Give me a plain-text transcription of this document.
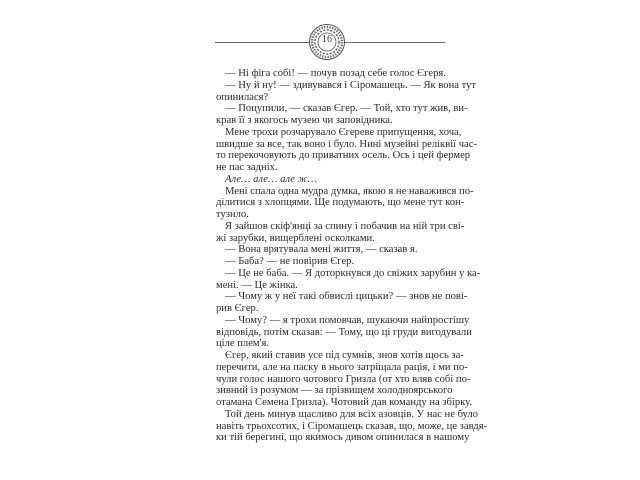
16
— Ні фіга собі! — почув позад себе голос Єгеря.
— Ну й ну! — здивувався і Сіромашець. — Як вона тут
опинилася?
— Поцупили, — сказав Єгер. — Той, хто тут жив, ви-
крав її з якогось музею чи заповідника.
Мене трохи розчарувало Єгереве припущення, хоча,
швидше за все, так воно і було. Нині музейні реліквії час-
то перекочовують до приватних осель. Ось і цей фермер
не пас задніх.
Але… але… але ж…
Мені спала одна мудра думка, якою я не наважився по-
ділитися з хлопцями. Ще подумають, що мене тут кон-
тузило.
Я зайшов скіф'янці за спину і побачив на ній три сві-
жі зарубки, вищерблені осколками.
— Вона врятувала мені життя, — сказав я.
— Баба? — не повірив Єгер.
— Це не баба. — Я доторкнувся до свіжих зарубин у ка-
мені. — Це жінка.
— Чому ж у неї такі обвислі цицьки? — знов не пові-
рив Єгер.
— Чому? — я трохи помовчав, шукаючи найпростішу
відповідь, потім сказав: — Тому, що ці груди вигодували
ціле плем'я.
Єгер, який ставив усе під сумнів, знов хотів щось за-
перечити, але на паску в нього затріщала рація, і ми по-
чули голос нашого чотового Гризла (от хто вляв собі по-
зивний із розумом — за прізвищем холодноярського
отамана Семена Гризла). Чотовий дав команду на збірку.
Той день минув щасливо для всіх азовців. У нас не було
навіть трьохсотих, і Сіромашець сказав, що, може, це завдя-
ки тій берегині, що якимось дивом опинилася в нашому
